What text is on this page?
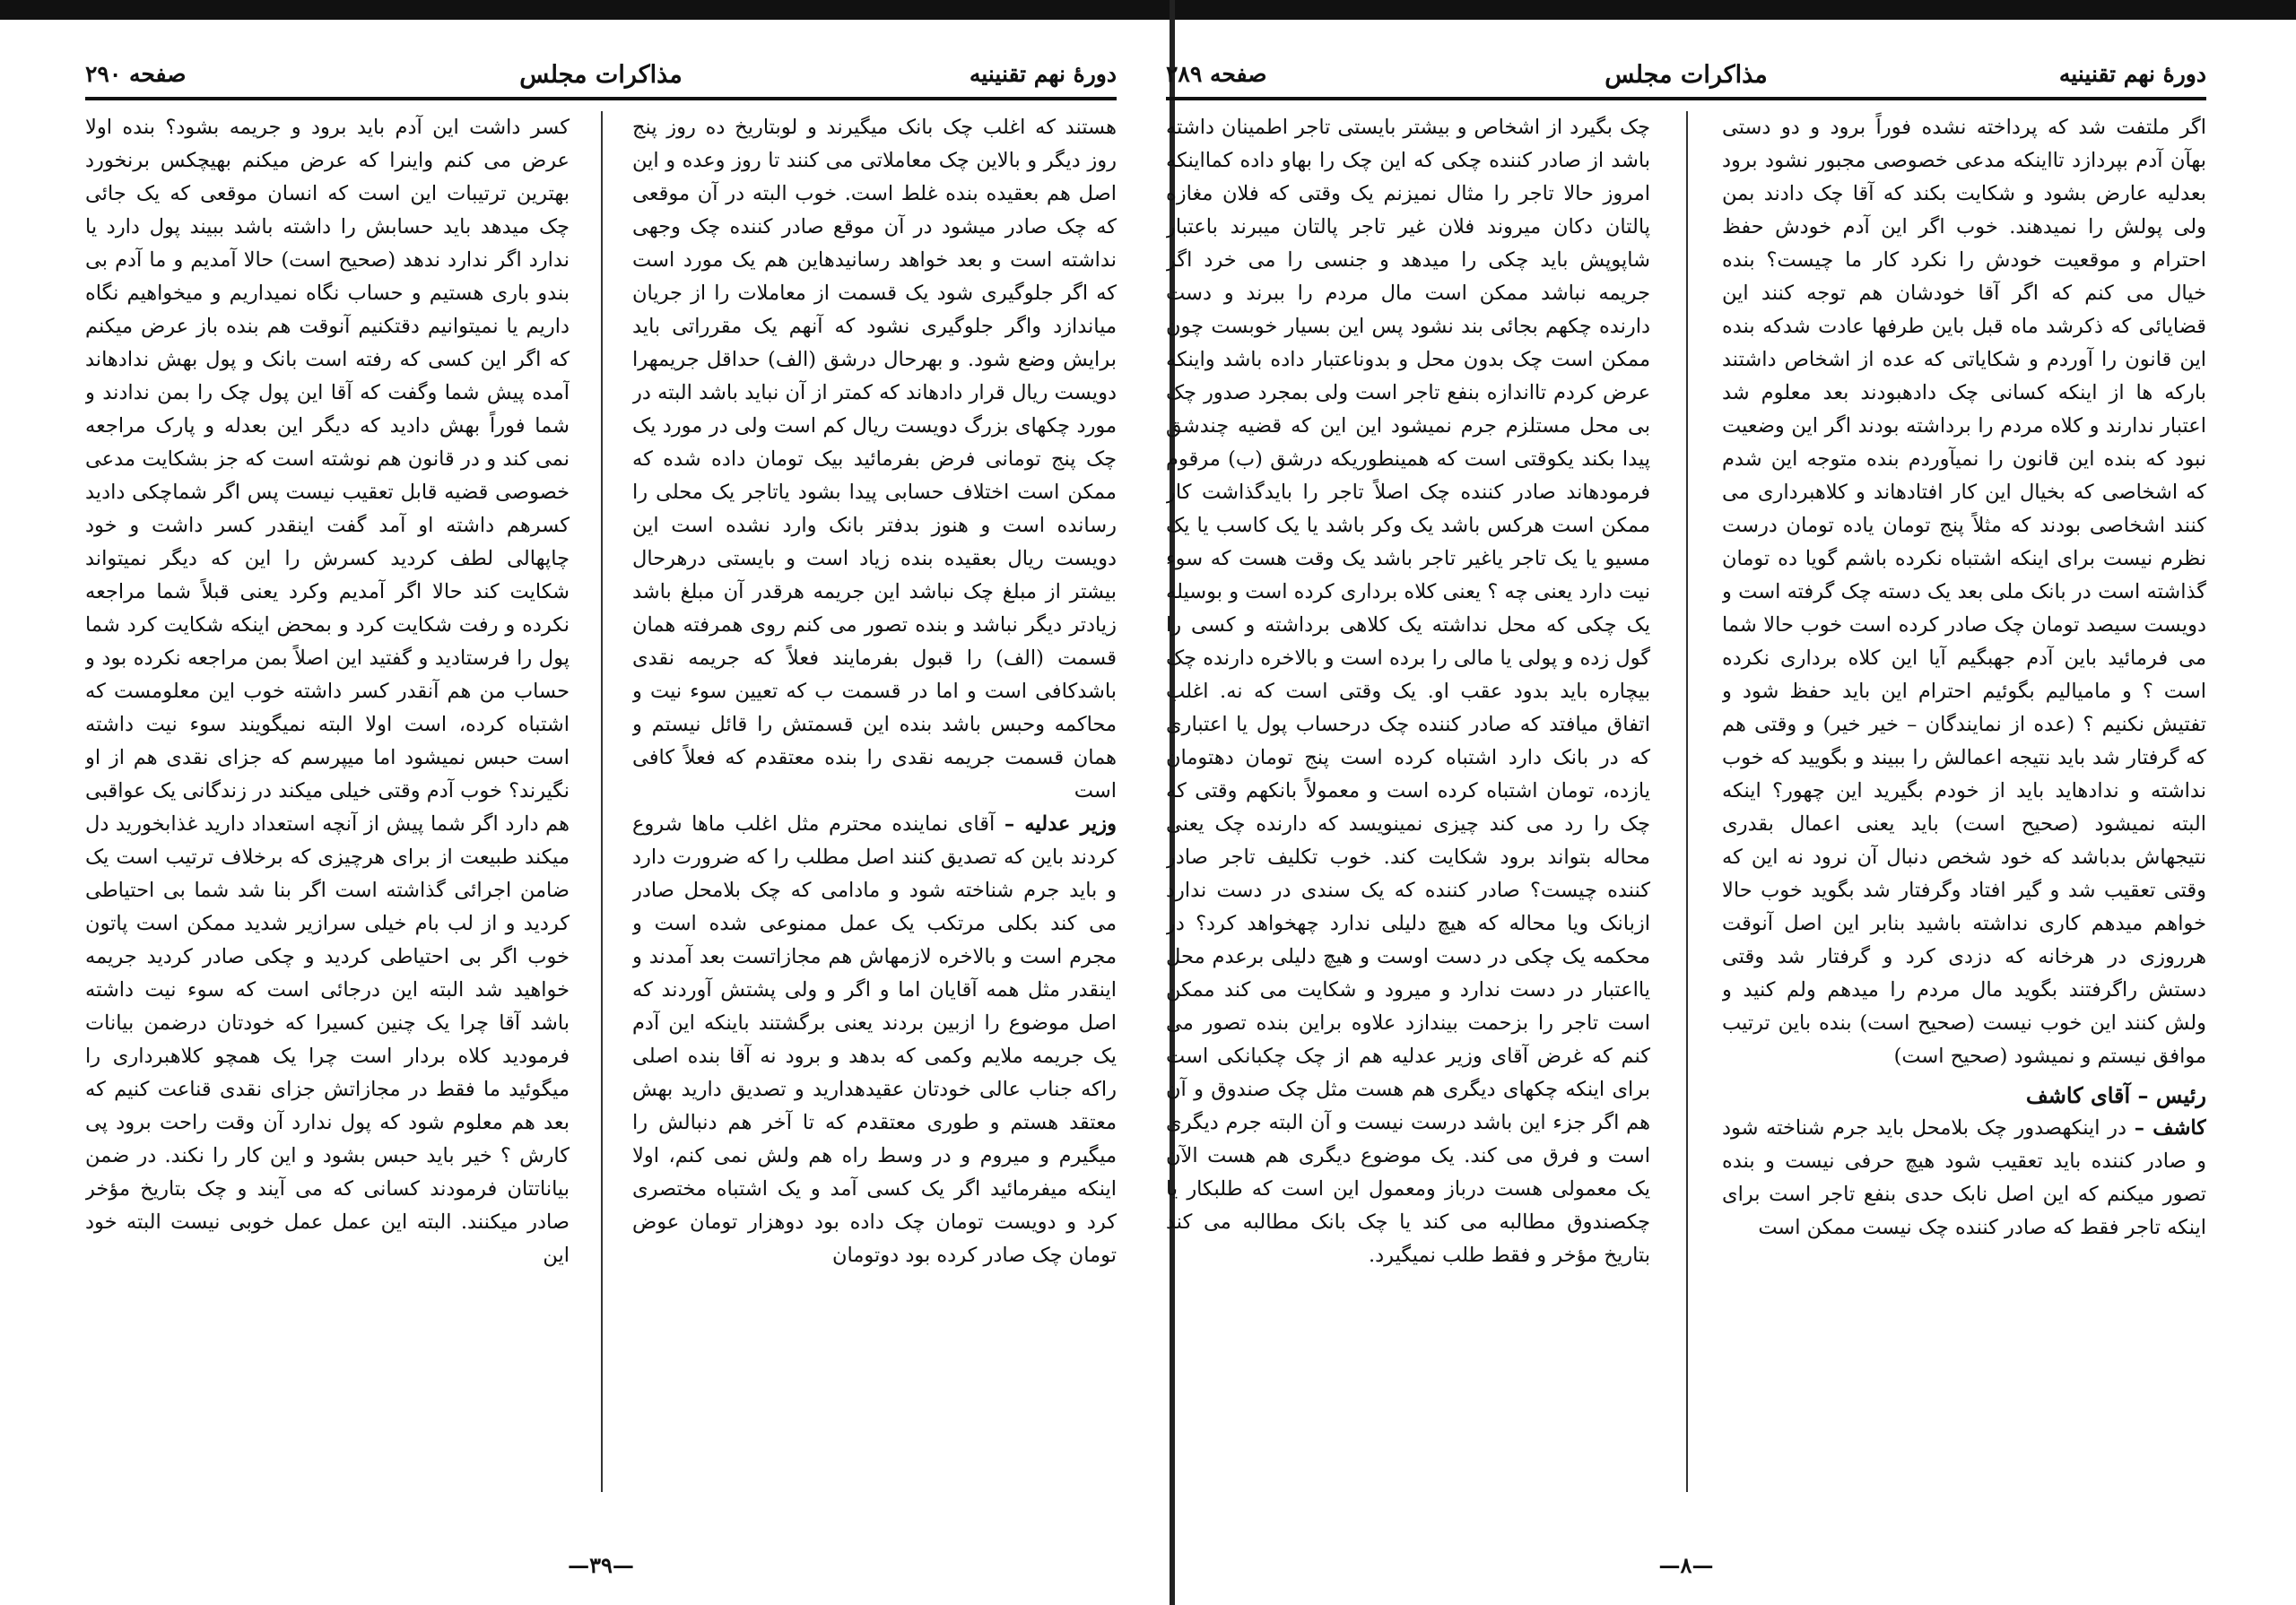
دورهٔ نهم تقنینیه
مذاکرات مجلس
صفحه ۲۹۰

هستند که اغلب چک بانک میگیرند و لوبتاریخ ده روز پنج روز دیگر و بالاین چک معاملاتی می کنند تا روز وعده و این اصل هم بعقیده بنده غلط است. خوب البته در آن موقعی که چک صادر میشود در آن موقع صادر کننده چک وجهی نداشته است و بعد خواهد رسانیدهاین هم یک مورد است که اگر جلوگیری شود یک قسمت از معاملات را از جریان میاندازد واگر جلوگیری نشود که آنهم یک مقرراتی باید برایش وضع شود. و بهرحال درشق (الف) حداقل جریمهرا دویست ریال قرار دادهاند که کمتر از آن نباید باشد البته در مورد چکهای بزرگ دویست ریال کم است ولی در مورد یک چک پنج تومانی فرض بفرمائید بیک تومان داده شده که ممکن است اختلاف حسابی پیدا بشود یاتاجر یک محلی را رسانده است و هنوز بدفتر بانک وارد نشده است این دویست ریال بعقیده بنده زیاد است و بایستی درهرحال بیشتر از مبلغ چک نباشد این جریمه هرقدر آن مبلغ باشد زیادتر دیگر نباشد و بنده تصور می کنم روی همرفته همان قسمت (الف) را قبول بفرمایند فعلاً که جریمه نقدی باشدکافی است و اما در قسمت ب که تعیین سوء نیت و محاکمه وحبس باشد بنده این قسمتش را قائل نیستم و همان قسمت جریمه نقدی را بنده معتقدم که فعلاً کافی است

وزیر عدلیه – آقای نماینده محترم مثل اغلب ماها شروع کردند باین که تصدیق کنند اصل مطلب را که ضرورت دارد و باید جرم شناخته شود و مادامی که چک بلامحل صادر می کند بکلی مرتکب یک عمل ممنوعی شده است و مجرم است و بالاخره لازمهاش هم مجازاتست بعد آمدند و اینقدر مثل همه آقایان اما و اگر و ولی پشتش آوردند که اصل موضوع را ازبین بردند یعنی برگشتند باینکه این آدم یک جریمه ملایم وکمی که بدهد و برود نه آقا بنده اصلی راکه جناب عالی خودتان عقیدهدارید و تصدیق دارید بهش معتقد هستم و طوری معتقدم که تا آخر هم دنبالش را میگیرم و میروم و در وسط راه هم ولش نمی کنم، اولا اینکه میفرمائید اگر یک کسی آمد و یک اشتباه مختصری کرد و دویست تومان چک داده بود دوهزار تومان عوض تومان چک صادر کرده بود دوتومان

کسر داشت این آدم باید برود و جریمه بشود؟ بنده اولا عرض می کنم واینرا که عرض میکنم بهیچکس برنخورد بهترین ترتیبات این است که انسان موقعی که یک جائی چک میدهد باید حسابش را داشته باشد ببیند پول دارد یا ندارد اگر ندارد ندهد (صحیح است) حالا آمدیم و ما آدم بی بندو باری هستیم و حساب نگاه نمیداریم و میخواهیم نگاه داریم یا نمیتوانیم دقتکنیم آنوقت هم بنده باز عرض میکنم که اگر این کسی که رفته است بانک و پول بهش ندادهاند آمده پیش شما وگفت که آقا این پول چک را بمن ندادند و شما فوراً بهش دادید که دیگر این بعدله و پارک مراجعه نمی کند و در قانون هم نوشته است که جز بشکایت مدعی خصوصی قضیه قابل تعقیب نیست پس اگر شماچکی دادید کسرهم داشته او آمد گفت اینقدر کسر داشت و خود چاپهالی لطف کردید کسرش را این که دیگر نمیتواند شکایت کند حالا اگر آمدیم وکرد یعنی قبلاً شما مراجعه نکرده و رفت شکایت کرد و بمحض اینکه شکایت کرد شما پول را فرستادید و گفتید این اصلاً بمن مراجعه نکرده بود و حساب من هم آنقدر کسر داشته خوب این معلومست که اشتباه کرده، است اولا البته نمیگویند سوء نیت داشته است حبس نمیشود اما میپرسم که جزای نقدی هم از او نگیرند؟ خوب آدم وقتی خیلی میکند در زندگانی یک عواقبی هم دارد اگر شما پیش از آنچه استعداد دارید غذابخورید دل میکند طبیعت از برای هرچیزی که برخلاف ترتیب است یک ضامن اجرائی گذاشته است اگر بنا شد شما بی احتیاطی کردید و از لب بام خیلی سرازیر شدید ممکن است پاتون خوب اگر بی احتیاطی کردید و چکی صادر کردید جریمه خواهید شد البته این درجائی است که سوء نیت داشته باشد آقا چرا یک چنین کسیرا که خودتان درضمن بیانات فرمودید کلاه بردار است چرا یک همچو کلاهبرداری را میگوئید ما فقط در مجازاتش جزای نقدی قناعت کنیم که بعد هم معلوم شود که پول ندارد آن وقت راحت برود پی کارش ؟ خیر باید حبس بشود و این کار را نکند. در ضمن بیاناتتان فرمودند کسانی که می آیند و چک بتاریخ مؤخر صادر میکنند. البته این عمل عمل خوبی نیست البته خود این

—۳۹—
دورهٔ نهم تقنینیه
مذاکرات مجلس
صفحه ۲۸۹

اگر ملتفت شد که پرداخته نشده فوراً برود و دو دستی بهآن آدم بپردازد تااینکه مدعی خصوصی مجبور نشود برود بعدلیه عارض بشود و شکایت بکند که آقا چک دادند بمن ولی پولش را نمیدهند. خوب اگر این آدم خودش حفظ احترام و موقعیت خودش را نکرد کار ما چیست؟ بنده خیال می کنم که اگر آقا خودشان هم توجه کنند این قضایائی که ذکرشد ماه قبل باین طرفها عادت شدکه بنده این قانون را آوردم و شکایاتی که عده از اشخاص داشتند بارکه ها از اینکه کسانی چک دادهبودند بعد معلوم شد اعتبار ندارند و کلاه مردم را برداشته بودند اگر این وضعیت نبود که بنده این قانون را نمیآوردم بنده متوجه این شدم که اشخاصی که بخیال این کار افتادهاند و کلاهبرداری می کنند اشخاصی بودند که مثلاً پنج تومان یاده تومان درست نظرم نیست برای اینکه اشتباه نکرده باشم گویا ده تومان گذاشته است در بانک ملی بعد یک دسته چک گرفته است و دویست سیصد تومان چک صادر کرده است خوب حالا شما می فرمائید باین آدم جهبگیم آیا این کلاه برداری نکرده است ؟ و مامیالیم بگوئیم احترام این باید حفظ شود و تفتیش نکنیم ؟ (عده از نمایندگان – خیر خیر) و وقتی هم که گرفتار شد باید نتیجه اعمالش را ببیند و بگویید که خوب نداشته و ندادهاید باید از خودم بگیرید این چهور؟ اینکه البته نمیشود (صحیح است) باید یعنی اعمال بقدری نتیجهاش بدباشد که خود شخص دنبال آن نرود نه این که وقتی تعقیب شد و گیر افتاد وگرفتار شد بگوید خوب حالا خواهم میدهم کاری نداشته باشید بنابر این اصل آنوقت هرروزی در هرخانه که دزدی کرد و گرفتار شد وقتی دستش راگرفتند بگوید مال مردم را میدهم ولم کنید و ولش کنند این خوب نیست (صحیح است) بنده باین ترتیب موافق نیستم و نمیشود (صحیح است)

رئیس – آقای کاشف

کاشف – در اینکهصدور چک بلامحل باید جرم شناخته شود و صادر کننده باید تعقیب شود هیچ حرفی نیست و بنده تصور میکنم که این اصل نابک حدی بنفع تاجر است برای اینکه تاجر فقط که صادر کننده چک نیست ممکن است

چک بگیرد از اشخاص و بیشتر بایستی تاجر اطمینان داشته باشد از صادر کننده چکی که این چک را بهاو داده کمااینکه امروز حالا تاجر را مثال نمیزنم یک وقتی که فلان مغازه پالتان دکان میروند فلان غیر تاجر پالتان میبرند باعتبار شاپوپش باید چکی را میدهد و جنسی را می خرد اگر جریمه نباشد ممکن است مال مردم را ببرند و دست دارنده چکهم بجائی بند نشود پس این بسیار خوبست چون ممکن است چک بدون محل و بدوناعتبار داده باشد واینکه عرض کردم تااندازه بنفع تاجر است ولی بمجرد صدور چک بی محل مستلزم جرم نمیشود این این که قضیه چندشق پیدا بکند یکوقتی است که همینطوریکه درشق (ب) مرقوم فرمودهاند صادر کننده چک اصلاً تاجر را بایدگذاشت کار ممکن است هرکس باشد یک وکر باشد یا یک کاسب یا یک مسیو یا یک تاجر یاغیر تاجر باشد یک وقت هست که سوء نیت دارد یعنی چه ؟ یعنی کلاه برداری کرده است و بوسیله یک چکی که محل نداشته یک کلاهی برداشته و کسی را گول زده و پولی یا مالی را برده است و بالاخره دارنده چک بیچاره باید بدود عقب او. یک وقتی است که نه. اغلب اتفاق میافتد که صادر کننده چک درحساب پول یا اعتباری که در بانک دارد اشتباه کرده است پنج تومان دهتومان یازده، تومان اشتباه کرده است و معمولاً بانکهم وقتی که چک را رد می کند چیزی نمینویسد که دارنده چک یعنی محاله بتواند برود شکایت کند. خوب تکلیف تاجر صادر کننده چیست؟ صادر کننده که یک سندی در دست ندارد ازبانک ویا محاله که هیچ دلیلی ندارد چهخواهد کرد؟ در محکمه یک چکی در دست اوست و هیچ دلیلی برعدم محل یااعتبار در دست ندارد و میرود و شکایت می کند ممکن است تاجر را بزحمت بیندازد علاوه براین بنده تصور می کنم که غرض آقای وزیر عدلیه هم از چک چکبانکی است برای اینکه چکهای دیگری هم هست مثل چک صندوق و آن هم اگر جزء این باشد درست نیست و آن البته جرم دیگری است و فرق می کند. یک موضوع دیگری هم هست الآن یک معمولی هست درباز ومعمول این است که طلبکار یا چکصندوق مطالبه می کند یا چک بانک مطالبه می کند بتاریخ مؤخر و فقط طلب نمیگیرد.

—۸—
